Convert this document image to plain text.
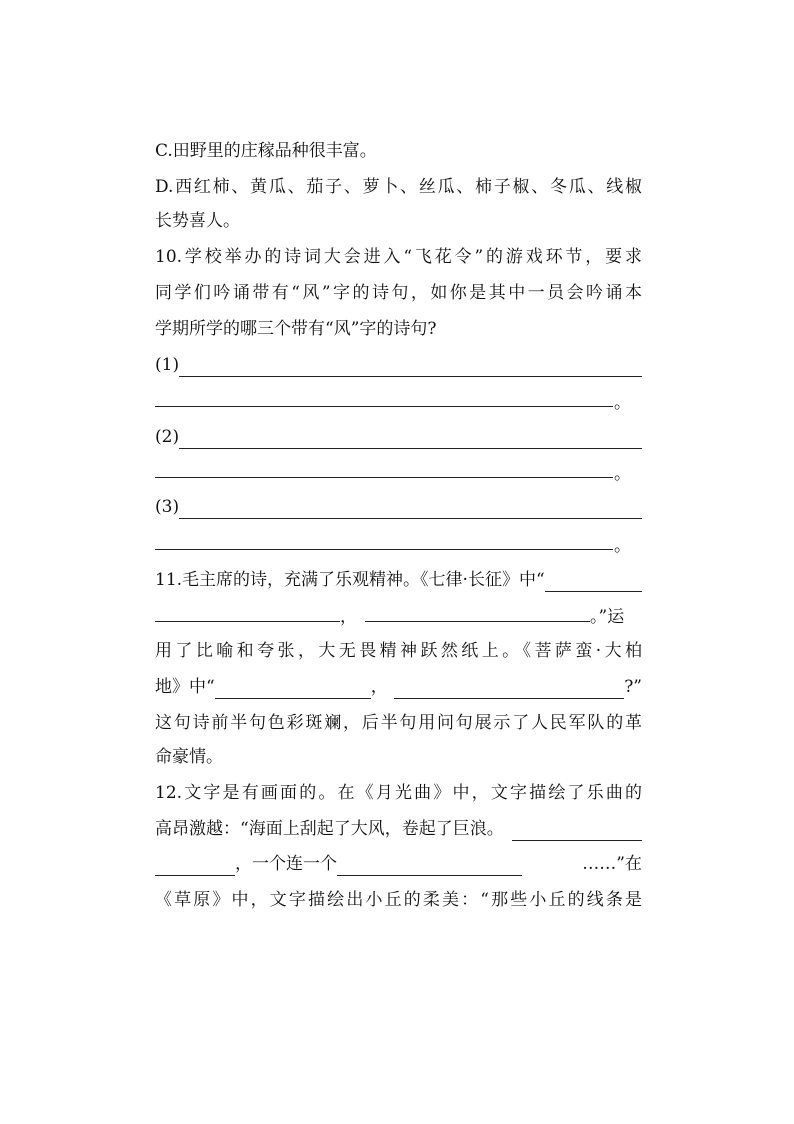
C.田野里的庄稼品种很丰富。
D.西红柿、黄瓜、茄子、萝卜、丝瓜、柿子椒、冬瓜、线椒
长势喜人。
10.学校举办的诗词大会进入“飞花令”的游戏环节，要求
同学们吟诵带有“风”字的诗句，如你是其中一员会吟诵本
学期所学的哪三个带有“风”字的诗句?
(1)
。
(2)
。
(3)
。
11.毛主席的诗，充满了乐观精神。《七律·长征》中“
，	。”运
用了比喻和夸张，大无畏精神跃然纸上。《菩萨蛮·大柏
地》中“	，	?”
这句诗前半句色彩斑斓，后半句用问句展示了人民军队的革
命豪情。
12.文字是有画面的。在《月光曲》中，文字描绘了乐曲的
高昂激越：“海面上刮起了大风，卷起了巨浪。
，一个连一个	……”在
《草原》中，文字描绘出小丘的柔美：“那些小丘的线条是
